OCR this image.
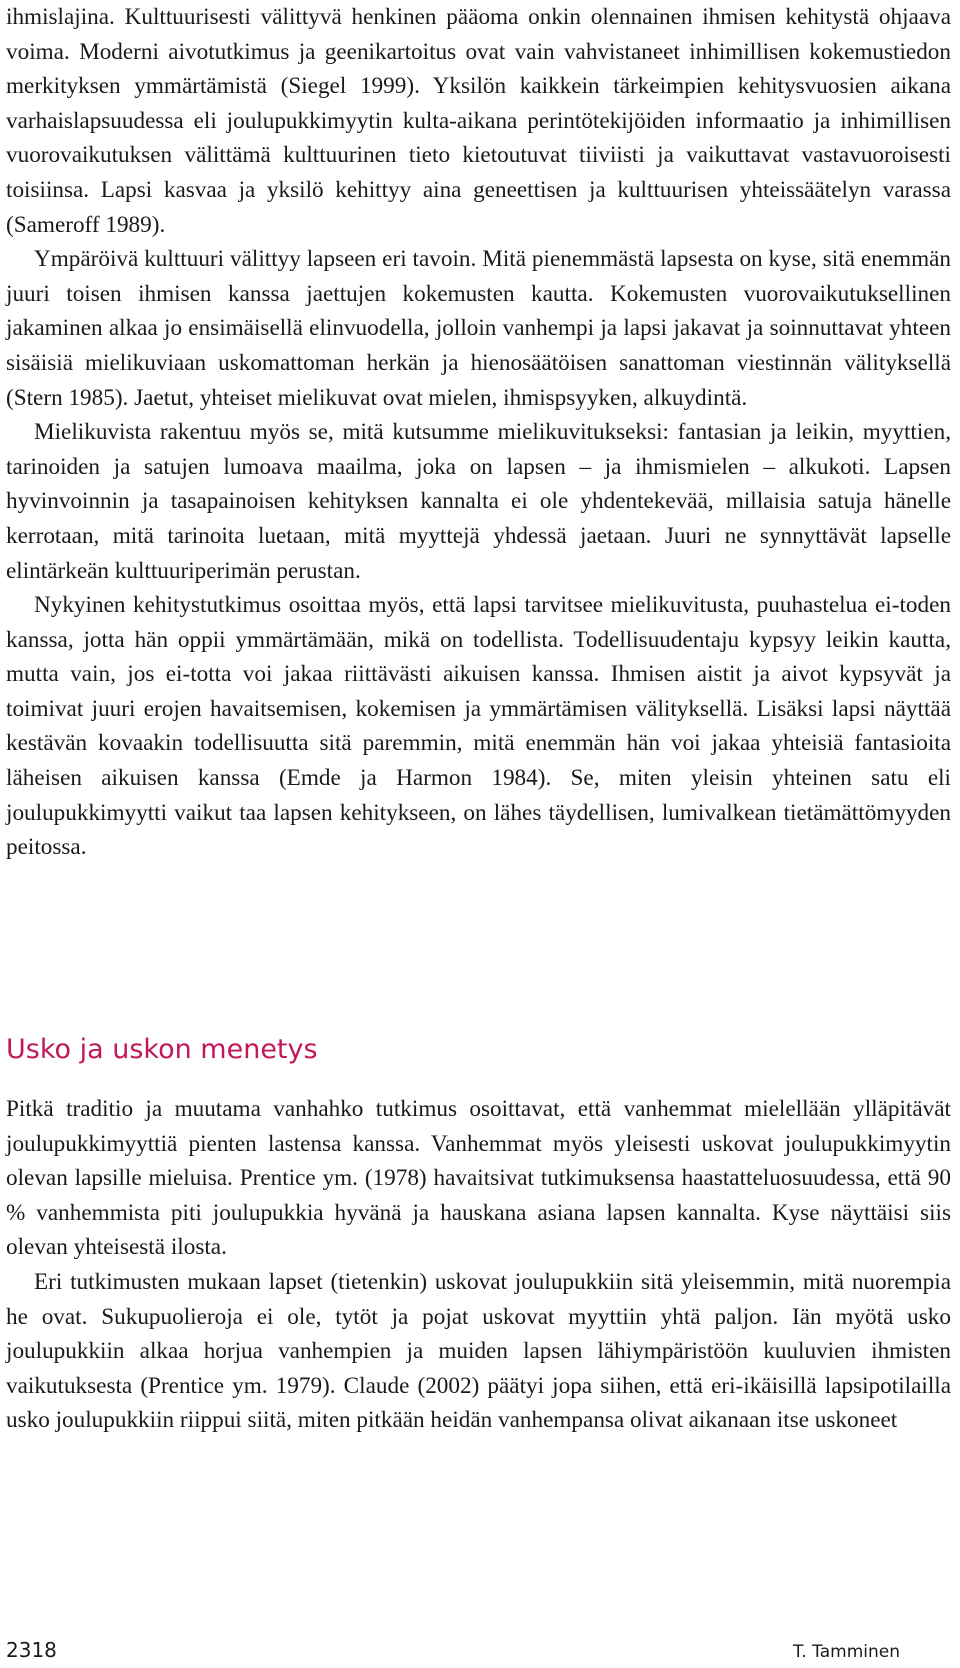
ihmislajina. Kulttuurisesti välittyvä henkinen pääoma onkin olennainen ihmisen kehitystä ohjaava voima. Moderni aivotutkimus ja geenikartoitus ovat vain vahvistaneet inhimillisen kokemustiedon merkityksen ymmärtämistä (Siegel 1999). Yksilön kaikkein tärkeimpien kehitysvuosien aikana varhaislapsuudessa eli joulupukkimyytin kulta-aikana perintötekijöiden informaatio ja inhimillisen vuorovaikutuksen välittämä kulttuurinen tieto kietoutuvat tiiviisti ja vaikuttavat vastavuoroisesti toisiinsa. Lapsi kasvaa ja yksilö kehittyy aina geneettisen ja kulttuurisen yhteissäätelyn varassa (Sameroff 1989).

Ympäröivä kulttuuri välittyy lapseen eri tavoin. Mitä pienemmästä lapsesta on kyse, sitä enemmän juuri toisen ihmisen kanssa jaettujen kokemusten kautta. Kokemusten vuorovaikutuksellinen jakaminen alkaa jo ensimäisellä elinvuodella, jolloin vanhempi ja lapsi jakavat ja soinnuttavat yhteen sisäisiä mielikuviaan uskomattoman herkän ja hienosäätöisen sanattoman viestinnän välityksellä (Stern 1985). Jaetut, yhteiset mielikuvat ovat mielen, ihmispsyyken, alkuydintä.

Mielikuvista rakentuu myös se, mitä kutsumme mielikuvitukseksi: fantasian ja leikin, myyttien, tarinoiden ja satujen lumoava maailma, joka on lapsen – ja ihmismielen – alkukoti. Lapsen hyvinvoinnin ja tasapainoisen kehityksen kannalta ei ole yhdentekevää, millaisia satuja hänelle kerrotaan, mitä tarinoita luetaan, mitä myyttejä yhdessä jaetaan. Juuri ne synnyttävät lapselle elintärkeän kulttuuriperimän perustan.

Nykyinen kehitystutkimus osoittaa myös, että lapsi tarvitsee mielikuvitusta, puuhastelua ei-toden kanssa, jotta hän oppii ymmärtämään, mikä on todellista. Todellisuudentaju kypsyy leikin kautta, mutta vain, jos ei-totta voi jakaa riittävästi aikuisen kanssa. Ihmisen aistit ja aivot kypsyvät ja toimivat juuri erojen havaitsemisen, kokemisen ja ymmärtämisen välityksellä. Lisäksi lapsi näyttää kestävän kovaakin todellisuutta sitä paremmin, mitä enemmän hän voi jakaa yhteisiä fantasioita läheisen aikuisen kanssa (Emde ja Harmon 1984). Se, miten yleisin yhteinen satu eli joulupukkimyytti vaikut taa lapsen kehitykseen, on lähes täydellisen, lumivalkean tietämättömyyden peitossa.

Usko ja uskon menetys

Pitkä traditio ja muutama vanhahko tutkimus osoittavat, että vanhemmat mielellään ylläpitävät joulupukkimyyttiä pienten lastensa kanssa. Vanhemmat myös yleisesti uskovat joulupukkimyytin olevan lapsille mieluisa. Prentice ym. (1978) havaitsivat tutkimuksensa haastatteluosuudessa, että 90 % vanhemmista piti joulupukkia hyvänä ja hauskana asiana lapsen kannalta. Kyse näyttäisi siis olevan yhteisestä ilosta.

Eri tutkimusten mukaan lapset (tietenkin) uskovat joulupukkiin sitä yleisemmin, mitä nuorempia he ovat. Sukupuolieroja ei ole, tytöt ja pojat uskovat myyttiin yhtä paljon. Iän myötä usko joulupukkiin alkaa horjua vanhempien ja muiden lapsen lähiympäristöön kuuluvien ihmisten vaikutuksesta (Prentice ym. 1979). Claude (2002) päätyi jopa siihen, että eri-ikäisillä lapsipotilailla usko joulupukkiin riippui siitä, miten pitkään heidän vanhempansa olivat aikanaan itse uskoneet

2318	T. Tamminen
